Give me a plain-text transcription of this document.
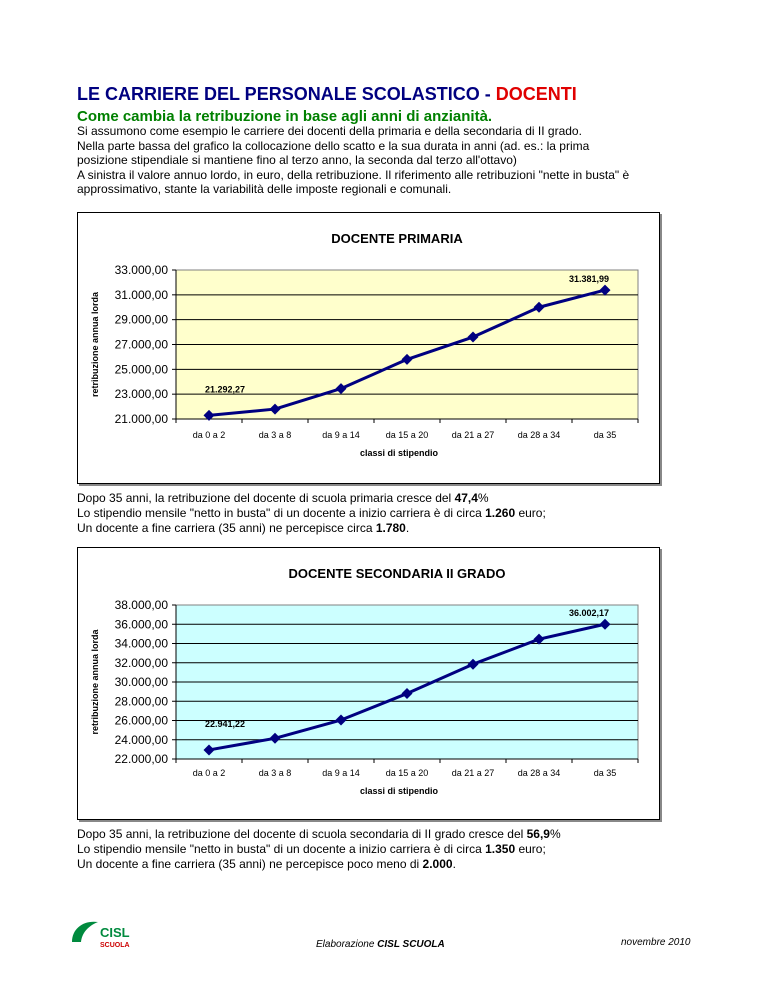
LE CARRIERE DEL PERSONALE SCOLASTICO - DOCENTI
Come cambia la retribuzione in base agli anni di anzianità.

Si assumono come esempio le carriere dei docenti della primaria e della secondaria di II grado.

Nella parte bassa del grafico la collocazione dello scatto e la sua durata in anni (ad. es.: la prima posizione stipendiale si mantiene fino al terzo anno, la seconda dal terzo all'ottavo)

A sinistra il valore annuo lordo, in euro, della retribuzione. Il riferimento alle retribuzioni "nette in busta" è approssimativo, stante la variabilità delle imposte regionali e comunali.

DOCENTE PRIMARIA
21.000,00
23.000,00
25.000,00
27.000,00
29.000,00
31.000,00
33.000,00
da 0 a 2	da 3 a 8	da 9 a 14	da 15 a 20	da 21 a 27	da 28 a 34	da 35
classi di stipendio
retribuzione annua lorda	21.292,27
31.381,99

Dopo 35 anni, la retribuzione del docente di scuola primaria cresce del 47,4%

Lo stipendio mensile "netto in busta" di un docente a inizio carriera è di circa 1.260 euro;

Un docente a fine carriera (35 anni) ne percepisce circa 1.780.

DOCENTE SECONDARIA II GRADO
22.000,00
24.000,00
26.000,00
28.000,00
30.000,00
32.000,00
34.000,00
36.000,00
38.000,00
da 0 a 2	da 3 a 8	da 9 a 14	da 15 a 20	da 21 a 27	da 28 a 34	da 35
classi di stipendio
retribuzione annua lorda	22.941,22
36.002,17

Dopo 35 anni, la retribuzione del docente di scuola secondaria di II grado cresce del 56,9%

Lo stipendio mensile "netto in busta" di un docente a inizio carriera è di circa 1.350 euro;

Un docente a fine carriera (35 anni) ne percepisce poco meno di 2.000.

CISL
SCUOLA	Elaborazione CISL SCUOLA	novembre 2010
